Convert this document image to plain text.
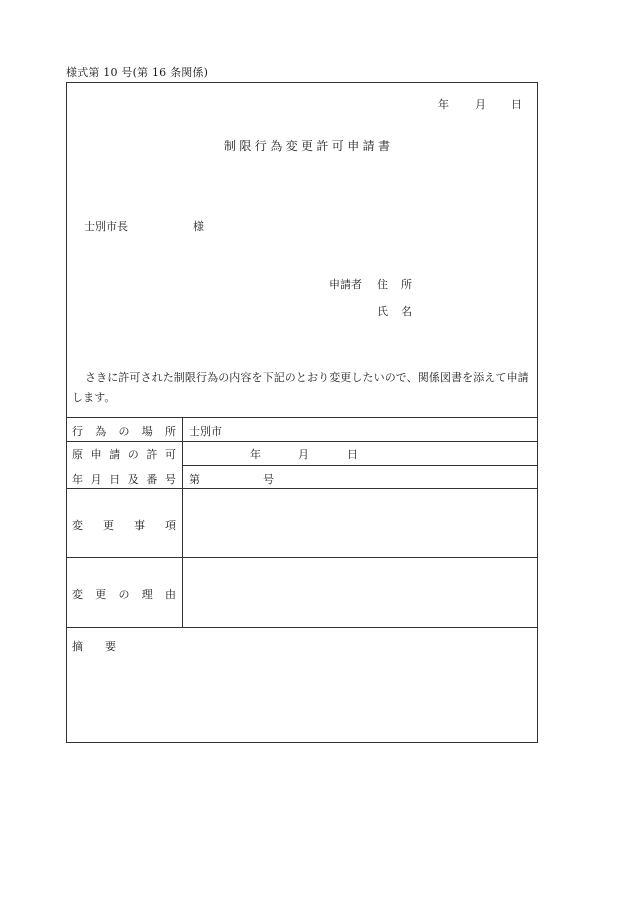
様式第 10 号(第 16 条関係)
年 月 日
制限行為変更許可申請書
士別市長	様
申請者 住　所
氏　名
さきに許可された制限行為の内容を下記のとおり変更したいので、関係図書を添えて申請します。
行 為 の 場 所 士別市
原 申 請 の 許 可	年	月	日
年 月 日 及 番 号 第	号
変 更 事 項
変 更 の 理 由
摘　　要
